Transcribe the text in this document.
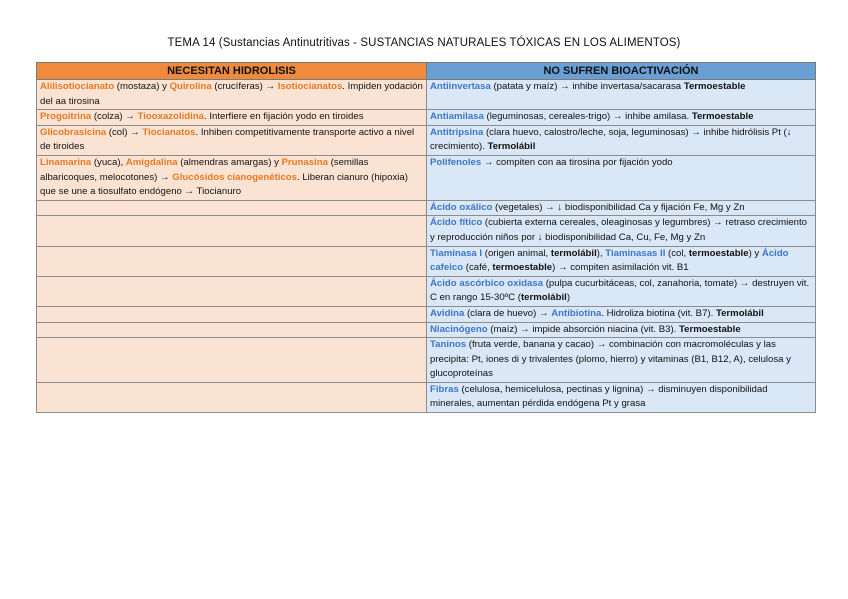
TEMA 14 (Sustancias Antinutritivas - SUSTANCIAS NATURALES TÓXICAS EN LOS ALIMENTOS)
NECESITAN HIDROLISIS	NO SUFREN BIOACTIVACIÓN
Alilisotiocianato (mostaza) y Quirolina (crucíferas) → Isotiocianatos. Impiden yodación del aa tirosina	Antiinvertasa (patata y maíz) → inhibe invertasa/sacarasa Termoestable
Progoitrina (colza) → Tiooxazolidina. Interfiere en fijación yodo en tiroides	Antiamilasa (leguminosas, cereales-trigo) → inhibe amilasa. Termoestable
Glicobrasicina (col) → Tiocianatos. Inhiben competitivamente transporte activo a nivel de tiroides	Antitripsina (clara huevo, calostro/leche, soja, leguminosas) → inhibe hidrólisis Pt (↓ crecimiento). Termolábil
Linamarina (yuca), Amigdalina (almendras amargas) y Prunasina (semillas albaricoques, melocotones) → Glucósidos cianogenéticos. Liberan cianuro (hipoxia) que se une a tiosulfato endógeno → Tiocianuro	Polifenoles → compiten con aa tirosina por fijación yodo
	Ácido oxálico (vegetales) → ↓ biodisponibilidad Ca y fijación Fe, Mg y Zn
	Ácido fítico (cubierta externa cereales, oleaginosas y legumbres) → retraso crecimiento y reproducción niños por ↓ biodisponibilidad Ca, Cu, Fe, Mg y Zn
	Tiaminasa I (origen animal, termolábil), Tiaminasas II (col, termoestable) y Ácido cafeico (café, termoestable) → compiten asimilación vit. B1
	Ácido ascórbico oxidasa (pulpa cucurbitáceas, col, zanahoria, tomate) → destruyen vit. C en rango 15-30ºC (termolábil)
	Avidina (clara de huevo) → Antibiotina. Hidroliza biotina (vit. B7). Termolábil
	Niacinógeno (maíz) → impide absorción niacina (vit. B3). Termoestable
	Taninos (fruta verde, banana y cacao) → combinación con macromoléculas y las precipita: Pt, iones di y trivalentes (plomo, hierro) y vitaminas (B1, B12, A), celulosa y glucoproteínas
	Fibras (celulosa, hemicelulosa, pectinas y lignina) → disminuyen disponibilidad minerales, aumentan pérdida endógena Pt y grasa
